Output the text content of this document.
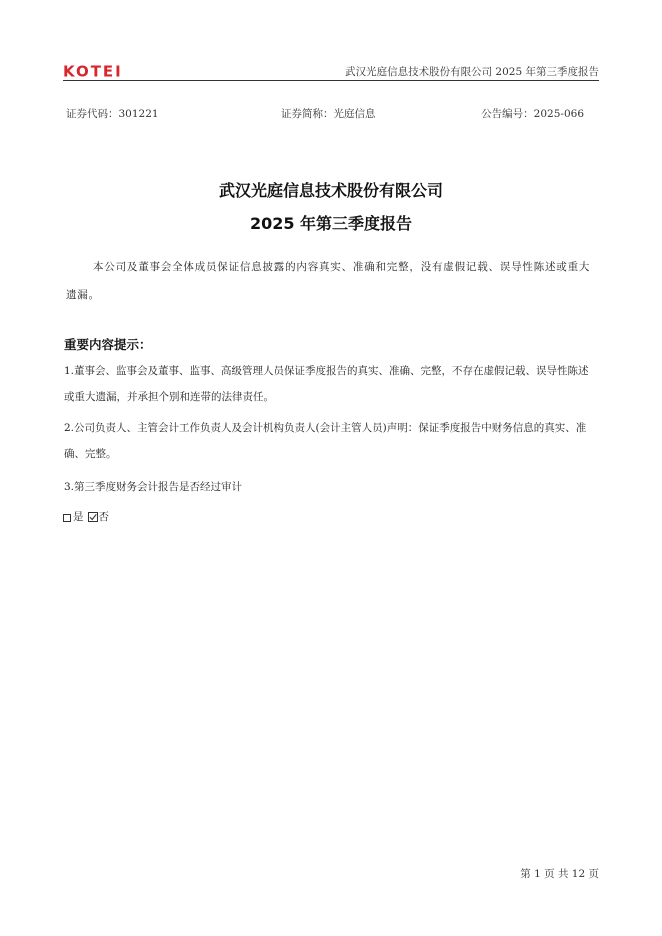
KOTEI	武汉光庭信息技术股份有限公司 2025 年第三季度报告
证券代码：301221	证券简称：光庭信息	公告编号：2025-066
武汉光庭信息技术股份有限公司
2025 年第三季度报告
本公司及董事会全体成员保证信息披露的内容真实、准确和完整，没有虚假记载、误导性陈述或重大遗漏。
重要内容提示：
1.董事会、监事会及董事、监事、高级管理人员保证季度报告的真实、准确、完整，不存在虚假记载、误导性陈述或重大遗漏，并承担个别和连带的法律责任。
2.公司负责人、主管会计工作负责人及会计机构负责人(会计主管人员)声明：保证季度报告中财务信息的真实、准确、完整。
3.第三季度财务会计报告是否经过审计
是 否
第 1 页 共 12 页
